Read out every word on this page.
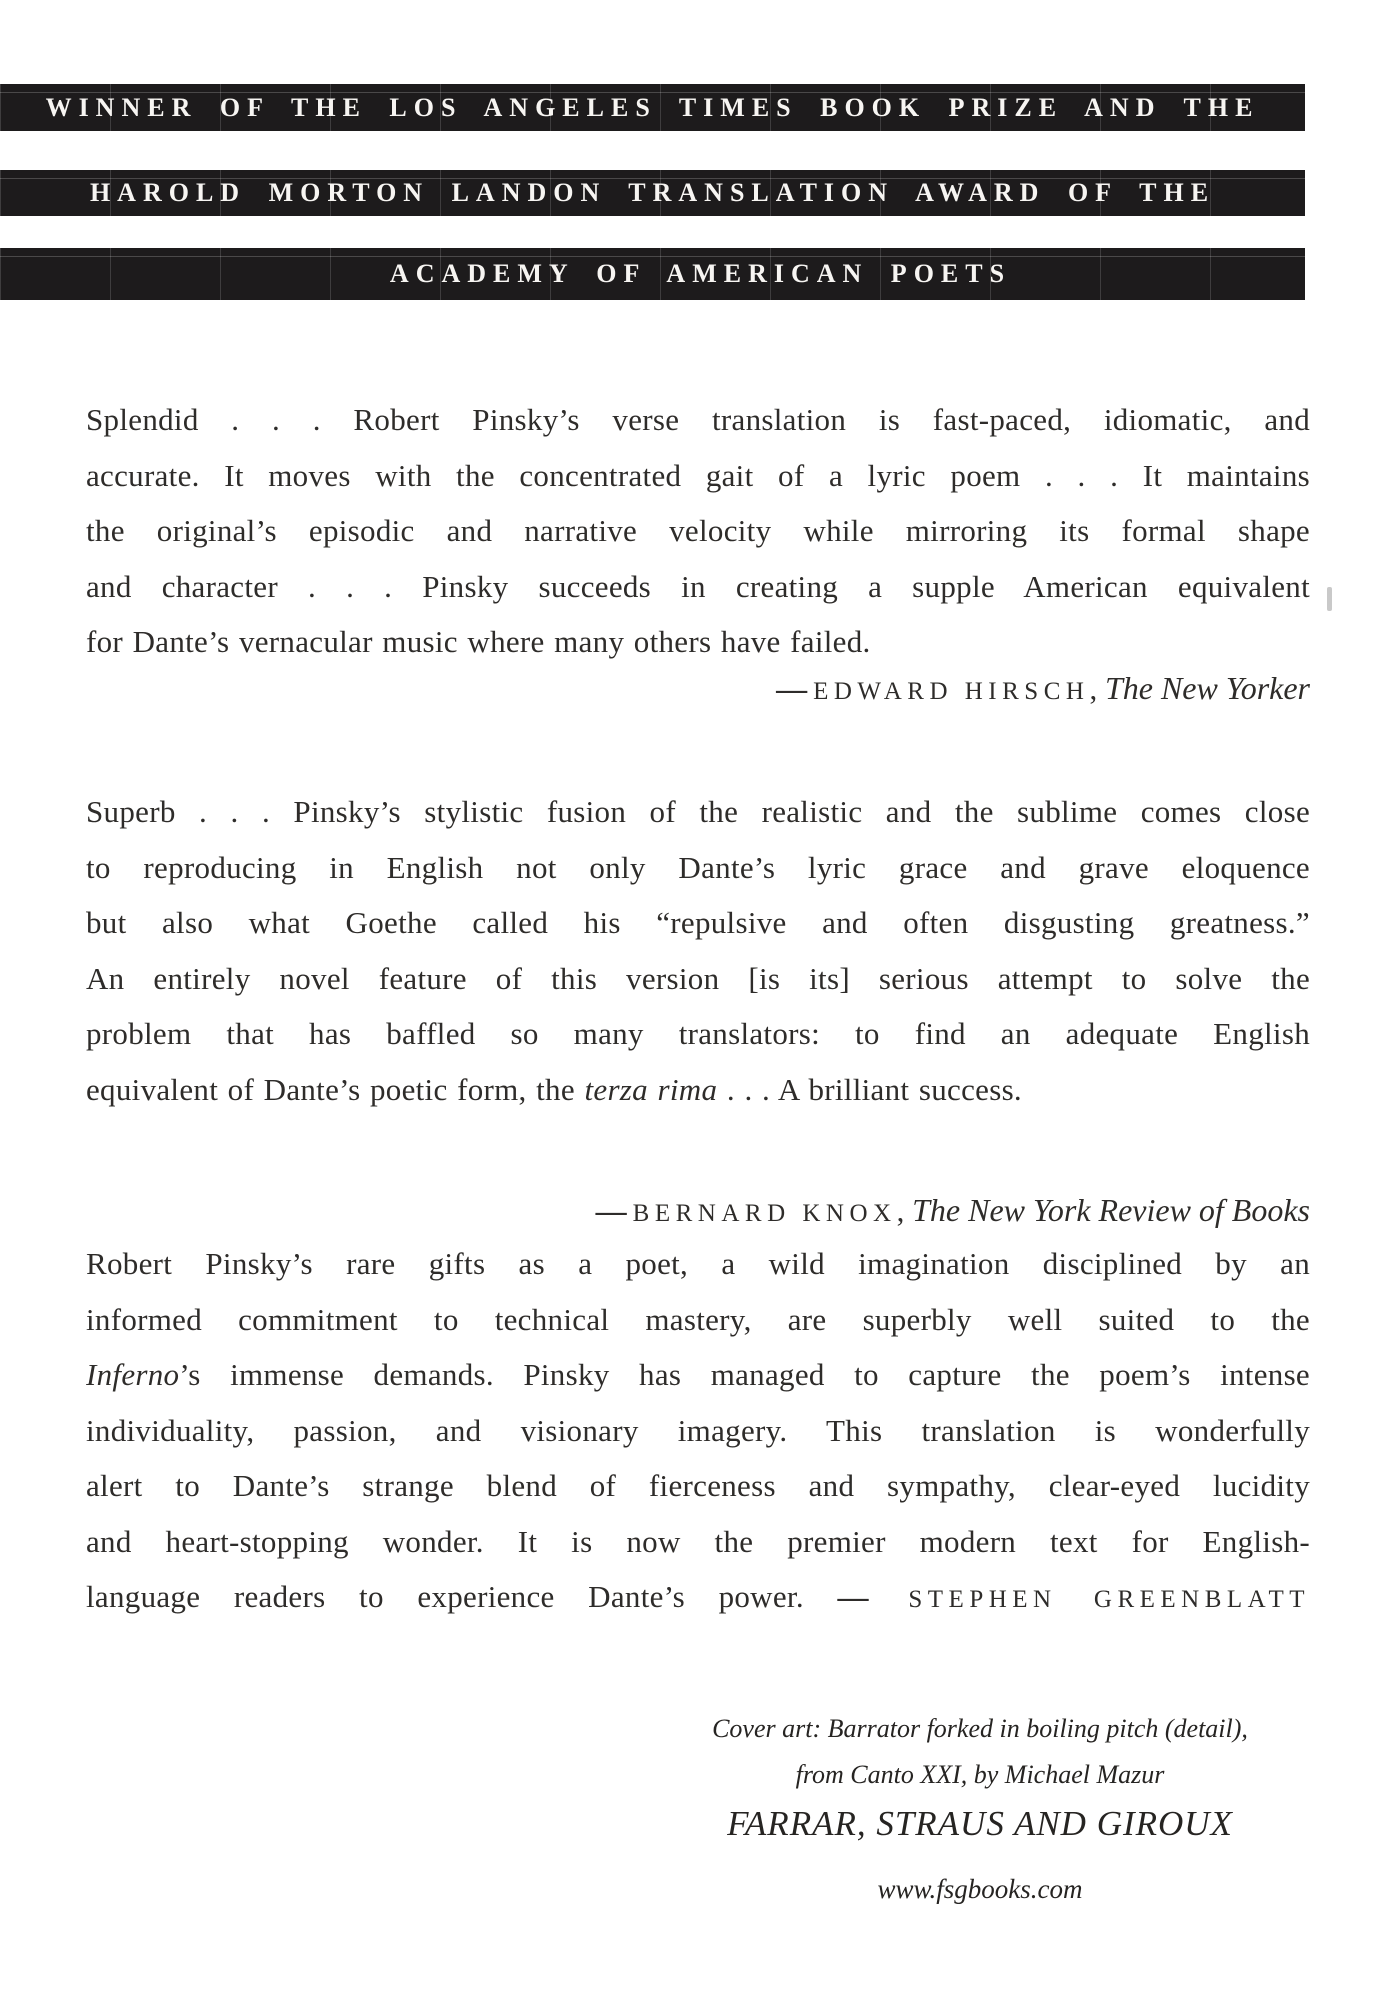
WINNER OF THE LOS ANGELES TIMES BOOK PRIZE AND THE
HAROLD MORTON LANDON TRANSLATION AWARD OF THE
ACADEMY OF AMERICAN POETS
Splendid . . . Robert Pinsky’s verse translation is fast-paced, idiomatic, and
accurate. It moves with the concentrated gait of a lyric poem . . . It maintains
the original’s episodic and narrative velocity while mirroring its formal shape
and character . . . Pinsky succeeds in creating a supple American equivalent
for Dante’s vernacular music where many others have failed.
— EDWARD HIRSCH, The New Yorker
Superb . . . Pinsky’s stylistic fusion of the realistic and the sublime comes close
to reproducing in English not only Dante’s lyric grace and grave eloquence
but also what Goethe called his “repulsive and often disgusting greatness.”
An entirely novel feature of this version [is its] serious attempt to solve the
problem that has baffled so many translators: to find an adequate English
equivalent of Dante’s poetic form, the terza rima . . . A brilliant success.
— BERNARD KNOX, The New York Review of Books
Robert Pinsky’s rare gifts as a poet, a wild imagination disciplined by an
informed commitment to technical mastery, are superbly well suited to the
Inferno’s immense demands. Pinsky has managed to capture the poem’s intense
individuality, passion, and visionary imagery. This translation is wonderfully
alert to Dante’s strange blend of fierceness and sympathy, clear-eyed lucidity
and heart-stopping wonder. It is now the premier modern text for English-
language readers to experience Dante’s power. — STEPHEN GREENBLATT
Cover art: Barrator forked in boiling pitch (detail),
from Canto XXI, by Michael Mazur
FARRAR, STRAUS AND GIROUX
www.fsgbooks.com
